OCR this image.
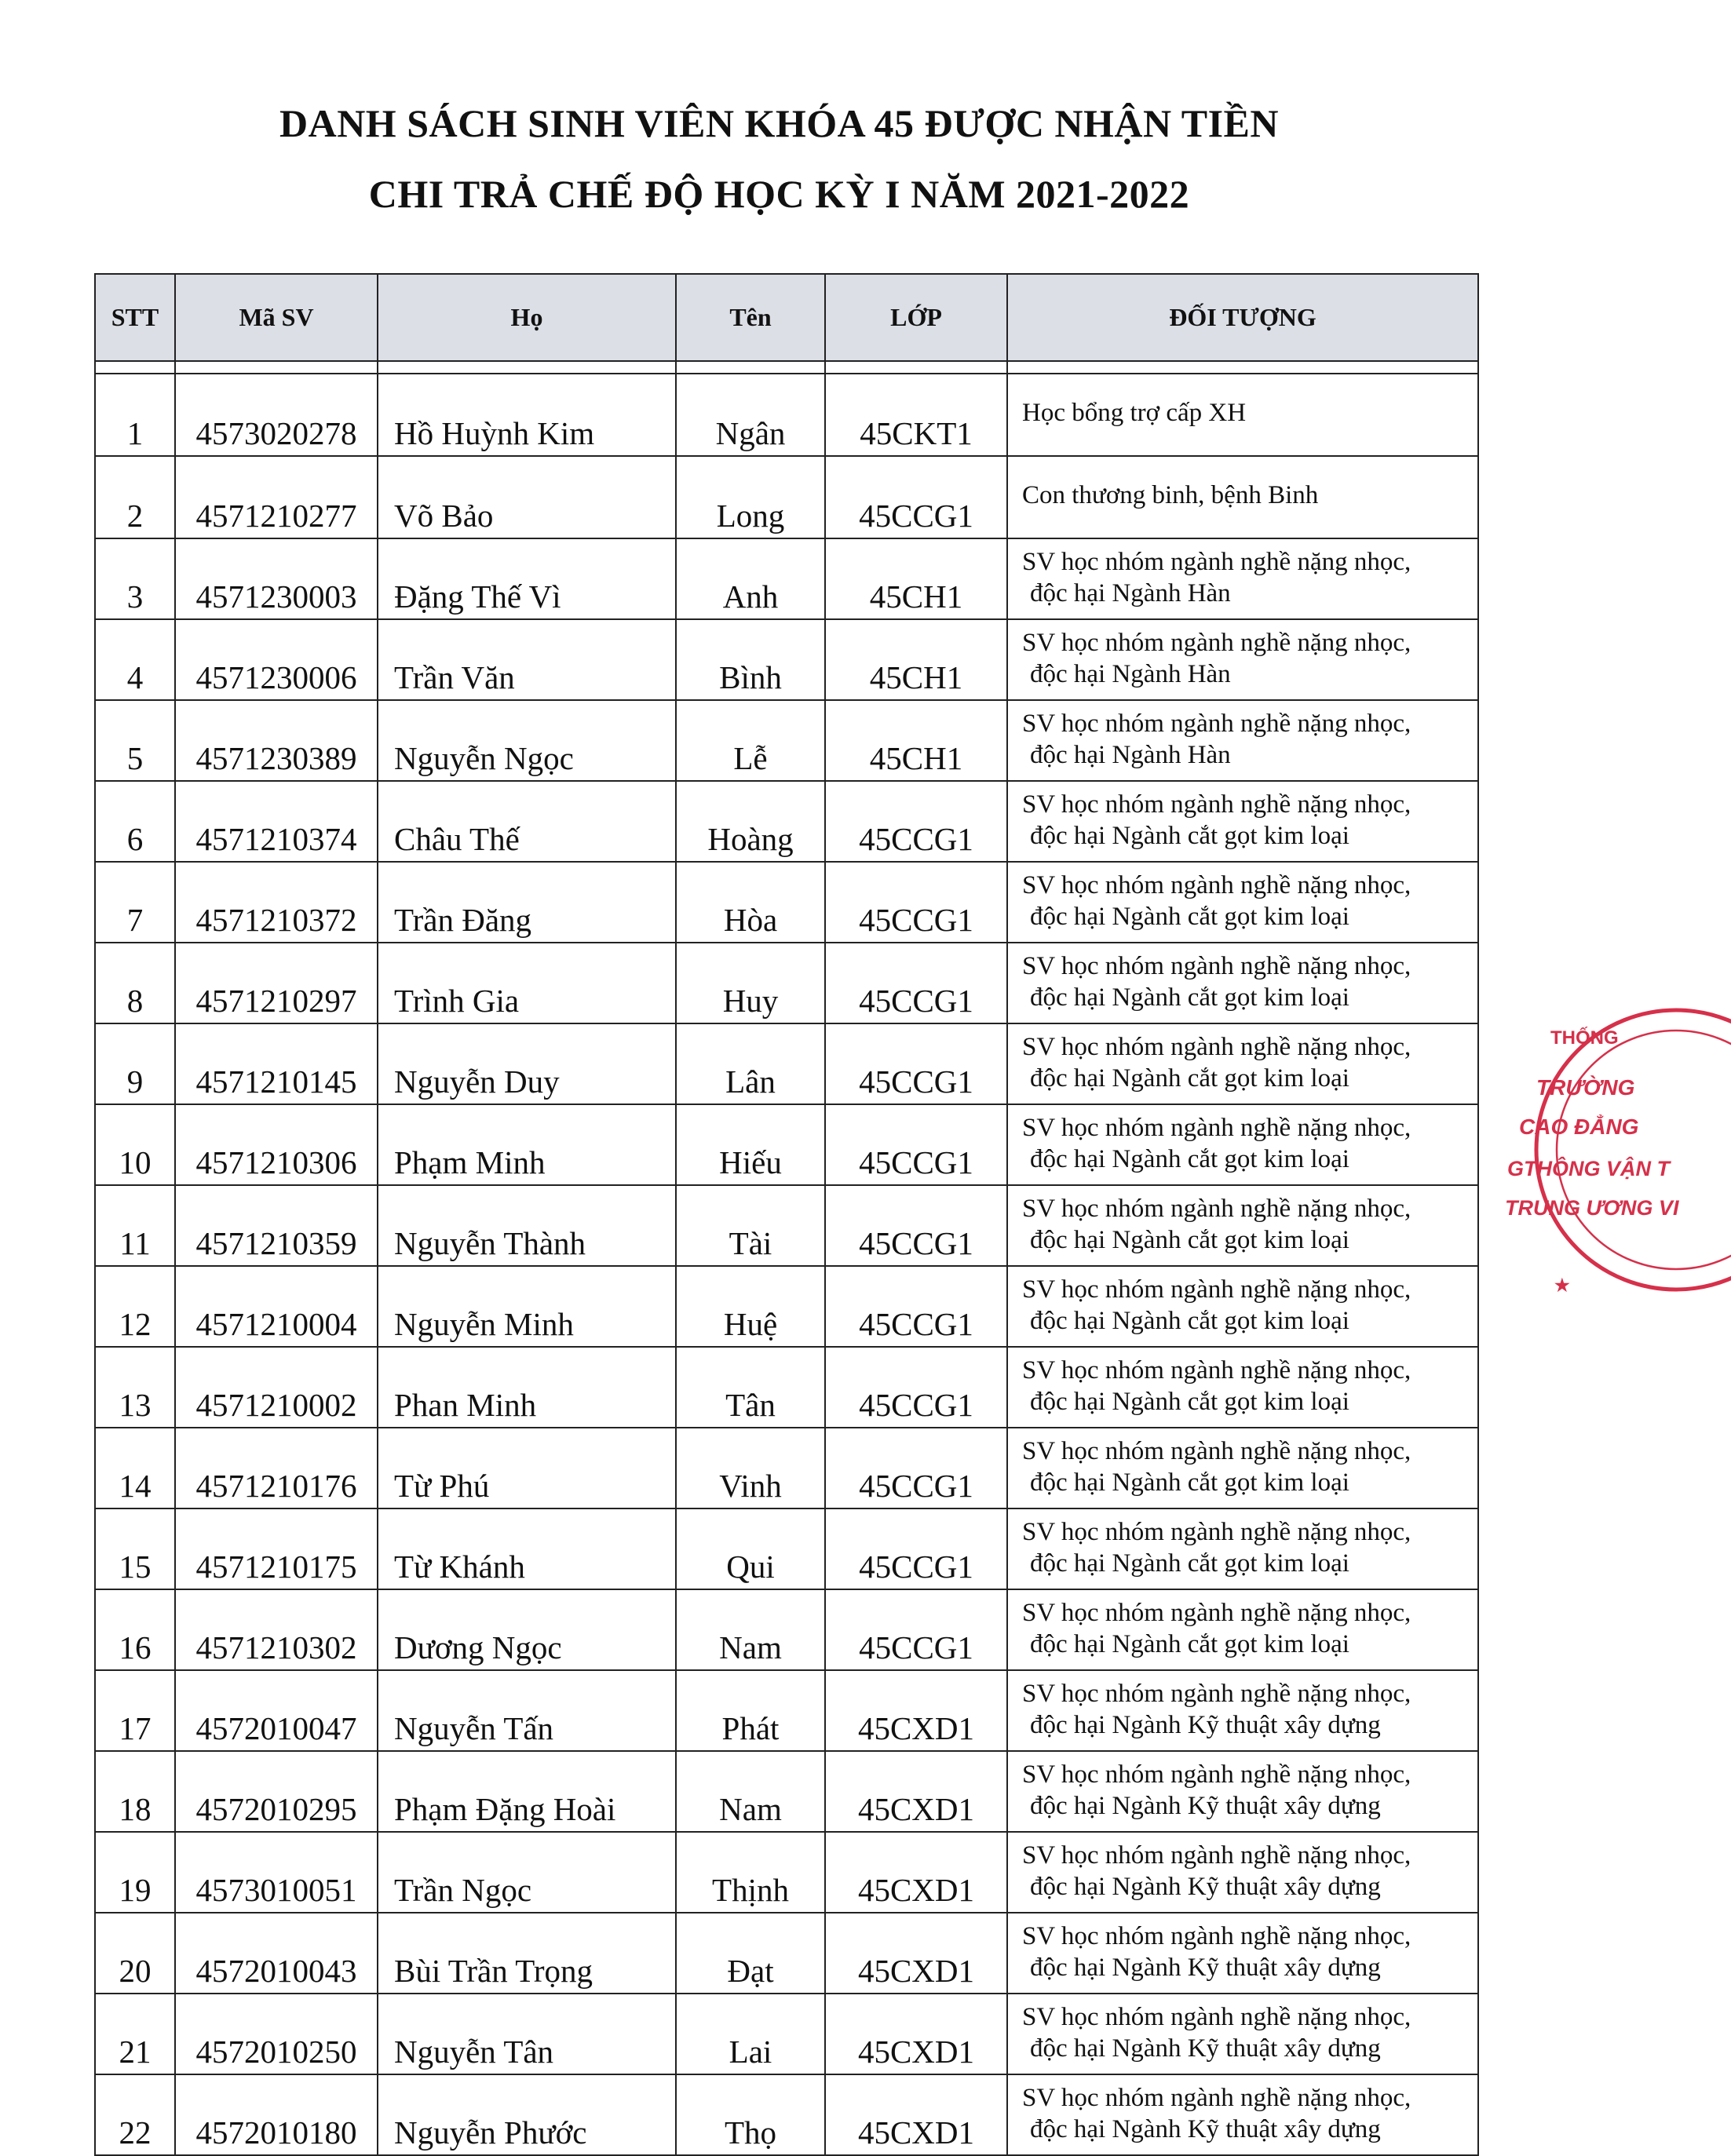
DANH SÁCH SINH VIÊN KHÓA 45 ĐƯỢC NHẬN TIỀN
CHI TRẢ CHẾ ĐỘ HỌC KỲ I NĂM 2021-2022
STT	Mã SV	Họ	Tên	LỚP	ĐỐI TƯỢNG

1	4573020278	Hồ Huỳnh Kim	Ngân	45CKT1	Học bổng trợ cấp XH
2	4571210277	Võ Bảo	Long	45CCG1	Con thương binh, bệnh Binh
3	4571230003	Đặng Thế Vì	Anh	45CH1	SV học nhóm ngành nghề nặng nhọc,
độc hại Ngành Hàn

4	4571230006	Trần Văn	Bình	45CH1	SV học nhóm ngành nghề nặng nhọc,
độc hại Ngành Hàn

5	4571230389	Nguyễn Ngọc	Lễ	45CH1	SV học nhóm ngành nghề nặng nhọc,
độc hại Ngành Hàn

6	4571210374	Châu Thế	Hoàng	45CCG1	SV học nhóm ngành nghề nặng nhọc,
độc hại Ngành cắt gọt kim loại

7	4571210372	Trần Đăng	Hòa	45CCG1	SV học nhóm ngành nghề nặng nhọc,
độc hại Ngành cắt gọt kim loại

8	4571210297	Trình Gia	Huy	45CCG1	SV học nhóm ngành nghề nặng nhọc,
độc hại Ngành cắt gọt kim loại

9	4571210145	Nguyễn Duy	Lân	45CCG1	SV học nhóm ngành nghề nặng nhọc,
độc hại Ngành cắt gọt kim loại

10	4571210306	Phạm Minh	Hiếu	45CCG1	SV học nhóm ngành nghề nặng nhọc,
độc hại Ngành cắt gọt kim loại

11	4571210359	Nguyễn Thành	Tài	45CCG1	SV học nhóm ngành nghề nặng nhọc,
độc hại Ngành cắt gọt kim loại

12	4571210004	Nguyễn Minh	Huệ	45CCG1	SV học nhóm ngành nghề nặng nhọc,
độc hại Ngành cắt gọt kim loại

13	4571210002	Phan Minh	Tân	45CCG1	SV học nhóm ngành nghề nặng nhọc,
độc hại Ngành cắt gọt kim loại

14	4571210176	Từ Phú	Vinh	45CCG1	SV học nhóm ngành nghề nặng nhọc,
độc hại Ngành cắt gọt kim loại

15	4571210175	Từ Khánh	Qui	45CCG1	SV học nhóm ngành nghề nặng nhọc,
độc hại Ngành cắt gọt kim loại

16	4571210302	Dương Ngọc	Nam	45CCG1	SV học nhóm ngành nghề nặng nhọc,
độc hại Ngành cắt gọt kim loại

17	4572010047	Nguyễn Tấn	Phát	45CXD1	SV học nhóm ngành nghề nặng nhọc,
độc hại Ngành Kỹ thuật xây dựng

18	4572010295	Phạm Đặng Hoài	Nam	45CXD1	SV học nhóm ngành nghề nặng nhọc,
độc hại Ngành Kỹ thuật xây dựng

19	4573010051	Trần Ngọc	Thịnh	45CXD1	SV học nhóm ngành nghề nặng nhọc,
độc hại Ngành Kỹ thuật xây dựng

20	4572010043	Bùi Trần Trọng	Đạt	45CXD1	SV học nhóm ngành nghề nặng nhọc,
độc hại Ngành Kỹ thuật xây dựng

21	4572010250	Nguyễn Tân	Lai	45CXD1	SV học nhóm ngành nghề nặng nhọc,
độc hại Ngành Kỹ thuật xây dựng

22	4572010180	Nguyễn Phước	Thọ	45CXD1	SV học nhóm ngành nghề nặng nhọc,
độc hại Ngành Kỹ thuật xây dựng
THỐNG
TRƯỜNG
CAO ĐẲNG
GTHÔNG VẬN T
TRUNG ƯƠNG VI
★
